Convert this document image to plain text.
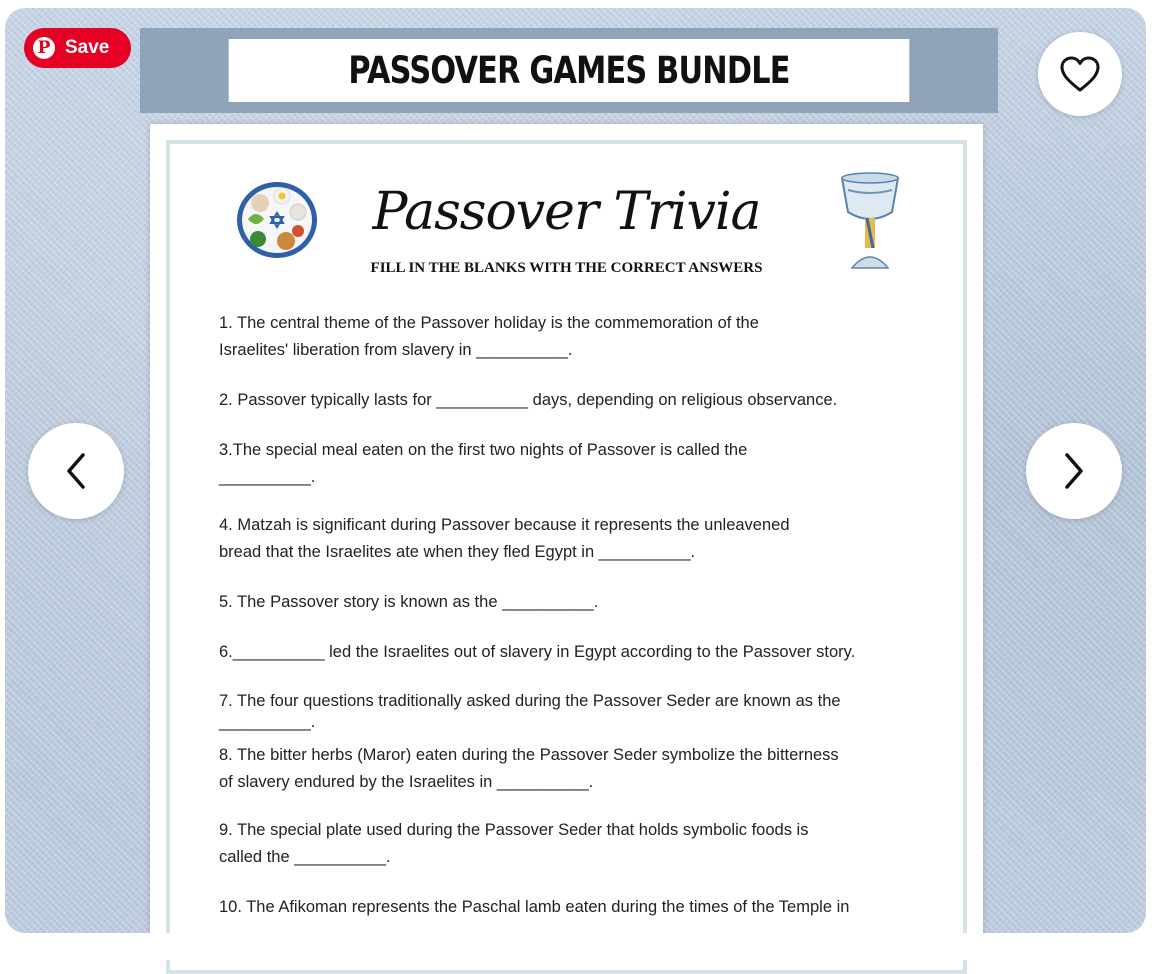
PASSOVER GAMES BUNDLE
Passover Trivia
FILL IN THE BLANKS WITH THE CORRECT ANSWERS
1. The central theme of the Passover holiday is the commemoration of the
Israelites' liberation from slavery in __________.
2. Passover typically lasts for __________ days, depending on religious observance.
3.The special meal eaten on the first two nights of Passover is called the
__________.
4. Matzah is significant during Passover because it represents the unleavened
bread that the Israelites ate when they fled Egypt in __________.
5. The Passover story is known as the __________.
6.__________ led the Israelites out of slavery in Egypt according to the Passover story.
7. The four questions traditionally asked during the Passover Seder are known as the
__________.
8. The bitter herbs (Maror) eaten during the Passover Seder symbolize the bitterness
of slavery endured by the Israelites in __________.
9. The special plate used during the Passover Seder that holds symbolic foods is
called the __________.
10. The Afikoman represents the Paschal lamb eaten during the times of the Temple in
P Save
